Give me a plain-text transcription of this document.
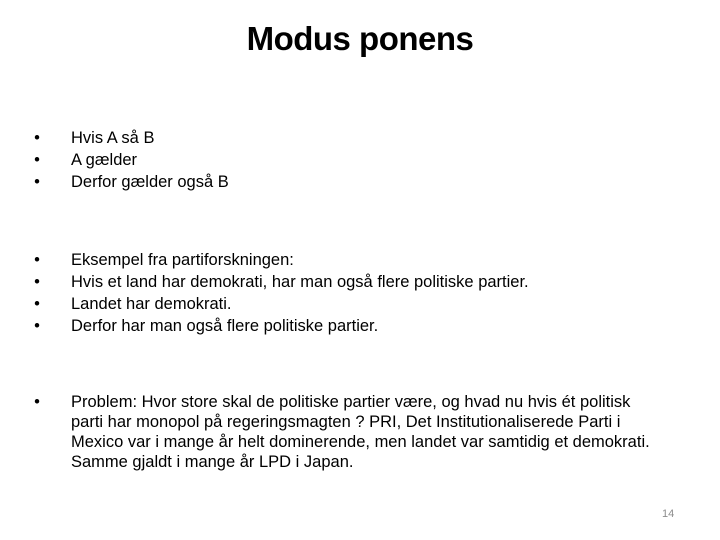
Modus ponens
• Hvis A så B
• A gælder
• Derfor gælder også B
• Eksempel fra partiforskningen:
• Hvis et land har demokrati, har man også flere politiske partier.
• Landet har demokrati.
• Derfor har man også flere politiske partier.
• Problem: Hvor store skal de politiske partier være, og hvad nu hvis ét politisk parti har monopol på regeringsmagten ? PRI, Det Institutionaliserede Parti i Mexico var i mange år helt dominerende, men landet var samtidig et demokrati. Samme gjaldt i mange år LPD i Japan.
14
